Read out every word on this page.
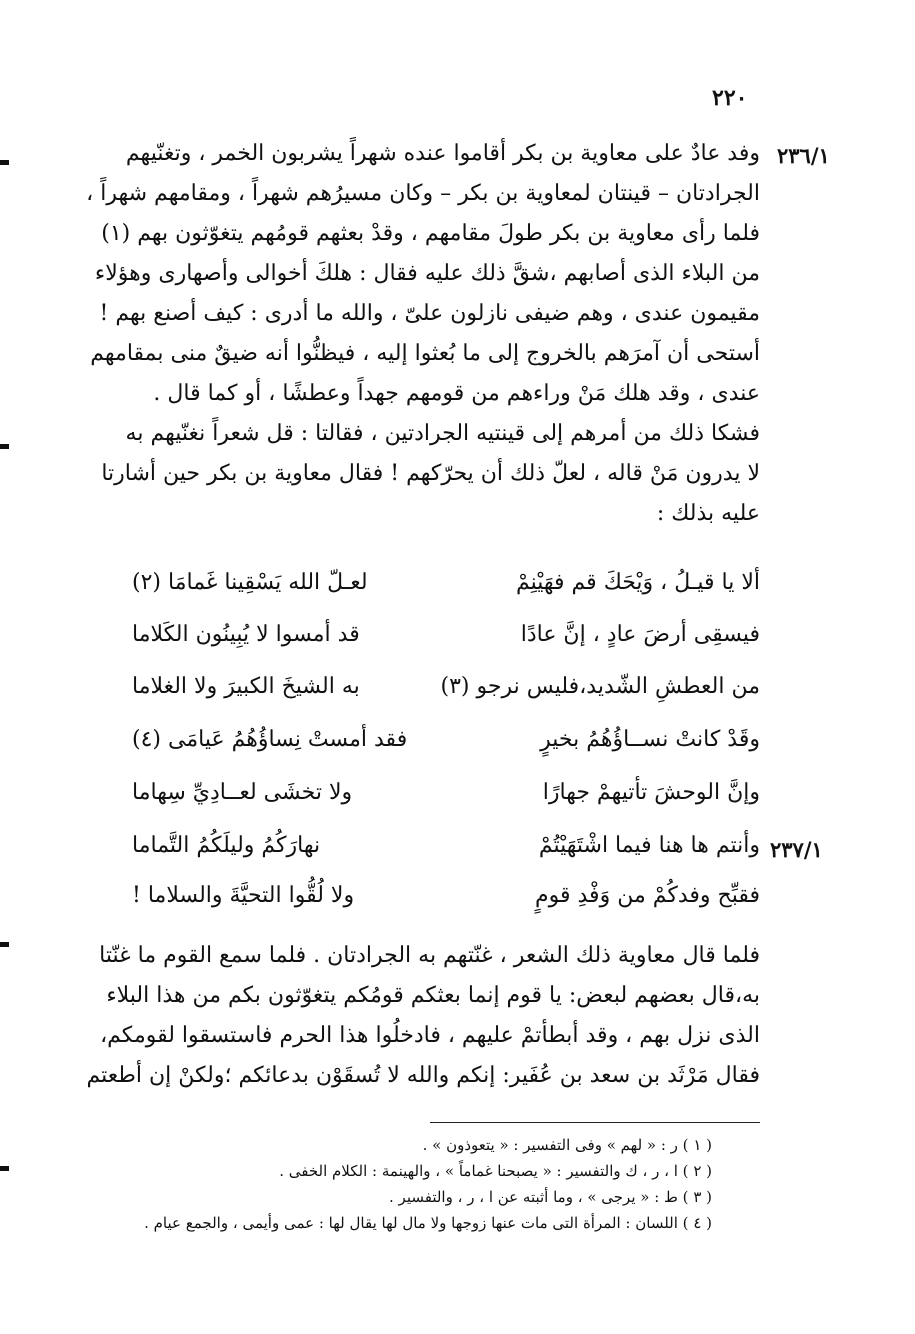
٢٢٠
٢٣٦/١
٢٣٧/١
وفد عادٌ على معاوية بن بكر أقاموا عنده شهراً يشربون الخمر ، وتغنّيهم
الجرادتان – قينتان لمعاوية بن بكر – وكان مسيرُهم شهراً ، ومقامهم شهراً ،
فلما رأى معاوية بن بكر طولَ مقامهم ، وقدْ بعثهم قومُهم يتغوّثون بهم (١)
من البلاء الذى أصابهم ،شقَّ ذلك عليه فقال : هلكَ أخوالى وأصهارى وهؤلاء
مقيمون عندى ، وهم ضيفى نازلون علىّ ، والله ما أدرى : كيف أصنع بهم !
أستحى أن آمرَهم بالخروج إلى ما بُعثوا إليه ، فيظنُّوا أنه ضيقٌ منى بمقامهم
عندى ، وقد هلك مَنْ وراءهم من قومهم جهداً وعطشًا ، أو كما قال .
فشكا ذلك من أمرهم إلى قينتيه الجرادتين ، فقالتا : قل شعراً نغنّيهم به
لا يدرون مَنْ قاله ، لعلّ ذلك أن يحرّكهم ! فقال معاوية بن بكر حين أشارتا
عليه بذلك :
ألا يا قيـلُ ، وَيْحَكَ قم فهَيْنِمْ
لعـلّ الله يَسْقِينا غَمامَا (٢)
فيسقِى أرضَ عادٍ ، إنَّ عادًا
قد أمسوا لا يُبِينُون الكَلاما
من العطشِ الشّديد،فليس نرجو (٣)
به الشيخَ الكبيرَ ولا الغلاما
وقَدْ كانتْ نســاؤُهُمُ بخيرٍ
فقد أمستْ نِساؤُهُمُ عَيامَى (٤)
وإنَّ الوحشَ تأتيهمْ جهارًا
ولا تخشَى لعــادِيِّ سِهاما
وأنتم ها هنا فيما اشْتَهَيْتُمْ
نهارَكُمُ وليلَكُمُ التَّماما
فقبِّح وفدكُمْ من وَفْدِ قومٍ
ولا لُقُّوا التحيَّةَ والسلاما !
فلما قال معاوية ذلك الشعر ، غنّتهم به الجرادتان . فلما سمع القوم ما غنّتا
به،قال بعضهم لبعض: يا قوم إنما بعثكم قومُكم يتغوّثون بكم من هذا البلاء
الذى نزل بهم ، وقد أبطأتمْ عليهم ، فادخلُوا هذا الحرم فاستسقوا لقومكم،
فقال مَرْثَد بن سعد بن عُفَير: إنكم والله لا تُسقَوْن بدعائكم ؛ولكنْ إن أطعتم
( ١ ) ر : « لهم » وفى التفسير : « يتعوذون » .
( ٢ ) ا ، ر ، ك والتفسير : « يصبحنا غماماً » ، والهينمة : الكلام الخفى .
( ٣ ) ط : « يرجى » ، وما أثبته عن ا ، ر ، والتفسير .
( ٤ ) اللسان : المرأة التى مات عنها زوجها ولا مال لها يقال لها : عمى وأيمى ، والجمع عيام .
